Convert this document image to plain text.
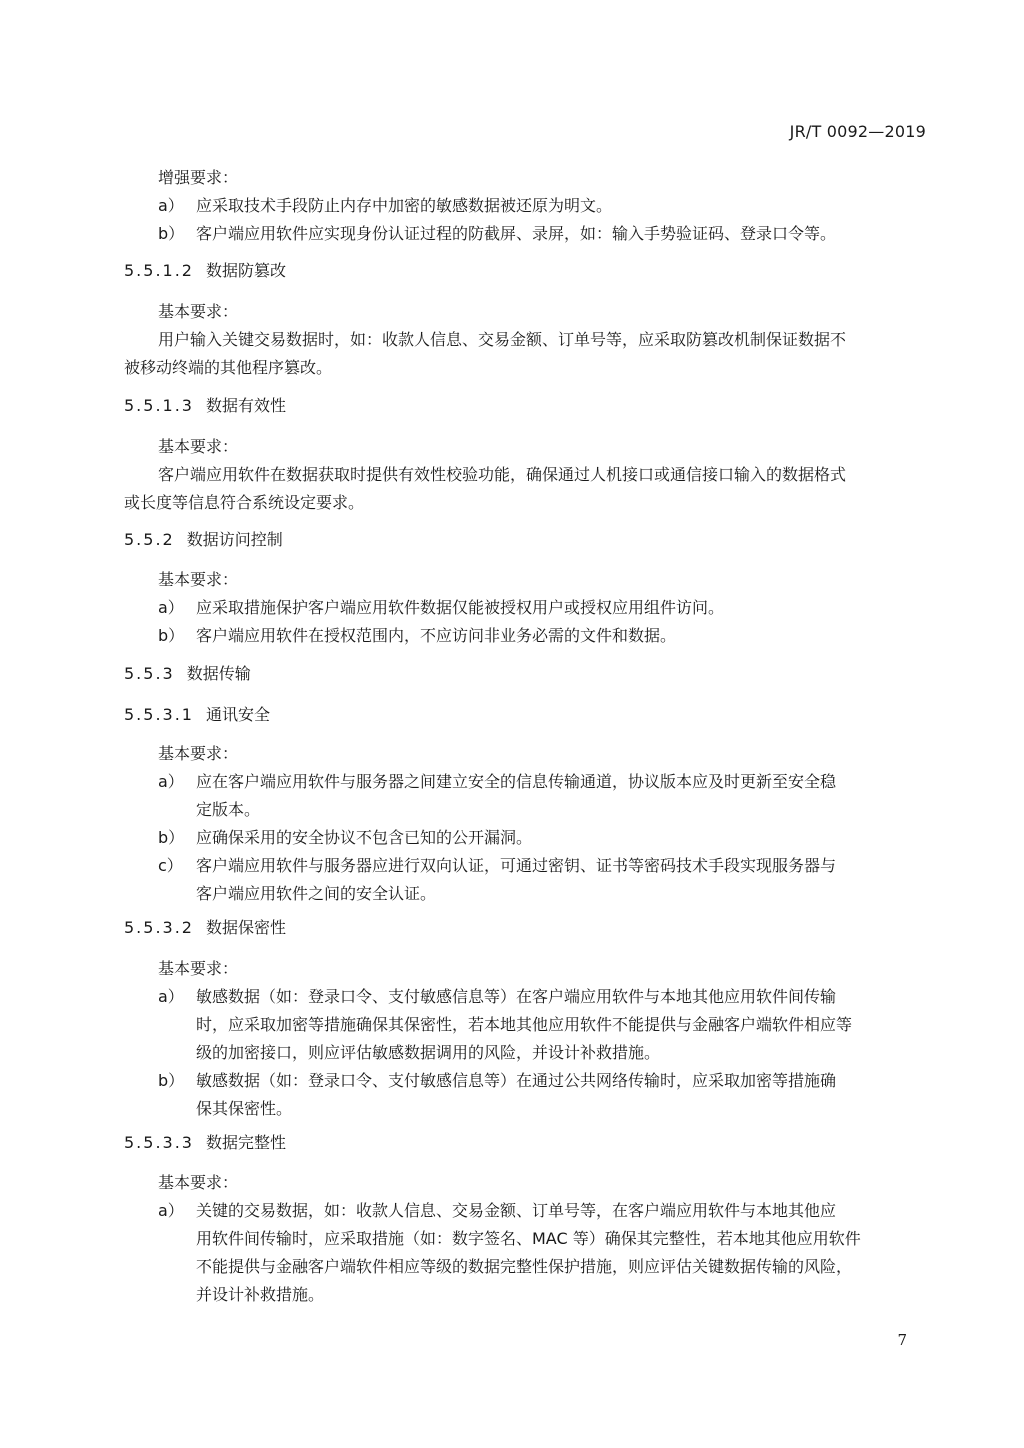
JR/T 0092—2019
增强要求：
a） 应采取技术手段防止内存中加密的敏感数据被还原为明文。
b） 客户端应用软件应实现身份认证过程的防截屏、录屏，如：输入手势验证码、登录口令等。
5.5.1.2 数据防篡改
基本要求：
用户输入关键交易数据时，如：收款人信息、交易金额、订单号等，应采取防篡改机制保证数据不
被移动终端的其他程序篡改。
5.5.1.3 数据有效性
基本要求：
客户端应用软件在数据获取时提供有效性校验功能，确保通过人机接口或通信接口输入的数据格式
或长度等信息符合系统设定要求。
5.5.2 数据访问控制
基本要求：
a） 应采取措施保护客户端应用软件数据仅能被授权用户或授权应用组件访问。
b） 客户端应用软件在授权范围内，不应访问非业务必需的文件和数据。
5.5.3 数据传输
5.5.3.1 通讯安全
基本要求：
a） 应在客户端应用软件与服务器之间建立安全的信息传输通道，协议版本应及时更新至安全稳
定版本。
b） 应确保采用的安全协议不包含已知的公开漏洞。
c） 客户端应用软件与服务器应进行双向认证，可通过密钥、证书等密码技术手段实现服务器与
客户端应用软件之间的安全认证。
5.5.3.2 数据保密性
基本要求：
a） 敏感数据（如：登录口令、支付敏感信息等）在客户端应用软件与本地其他应用软件间传输
时，应采取加密等措施确保其保密性，若本地其他应用软件不能提供与金融客户端软件相应等
级的加密接口，则应评估敏感数据调用的风险，并设计补救措施。
b） 敏感数据（如：登录口令、支付敏感信息等）在通过公共网络传输时，应采取加密等措施确
保其保密性。
5.5.3.3 数据完整性
基本要求：
a） 关键的交易数据，如：收款人信息、交易金额、订单号等，在客户端应用软件与本地其他应
用软件间传输时，应采取措施（如：数字签名、MAC 等）确保其完整性，若本地其他应用软件
不能提供与金融客户端软件相应等级的数据完整性保护措施，则应评估关键数据传输的风险，
并设计补救措施。
7
